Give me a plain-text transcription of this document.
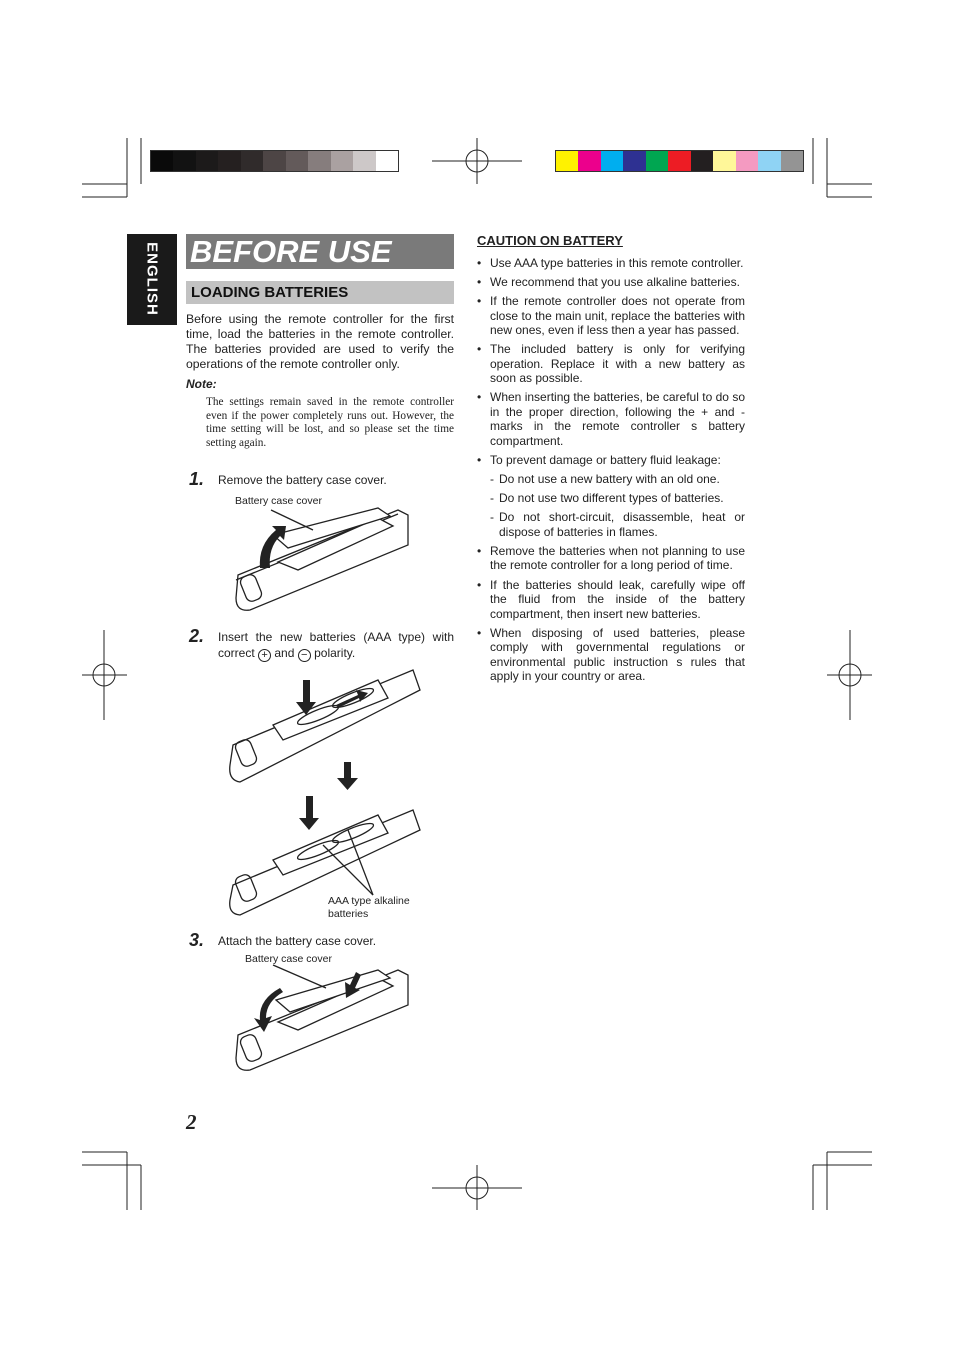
ENGLISH BEFORE USE
LOADING BATTERIES
Before using the remote controller for the first time, load the batteries in the remote controller. The batteries provided are used to verify the operations of the remote controller only.
Note:
The settings remain saved in the remote controller even if the power completely runs out. However, the time setting will be lost, and so please set the time setting again.
1. Remove the battery case cover.
Battery case cover
2. Insert the new batteries (AAA type) with correct + and − polarity.
AAA type alkaline batteries
3. Attach the battery case cover.
Battery case cover
CAUTION ON BATTERY
• Use AAA type batteries in this remote controller.
• We recommend that you use alkaline batteries.
• If the remote controller does not operate from close to the main unit, replace the batteries with new ones, even if less then a year has passed.
• The included battery is only for verifying operation. Replace it with a new battery as soon as possible.
• When inserting the batteries, be careful to do so in the proper direction, following the + and - marks in the remote controller s battery compartment.
• To prevent damage or battery fluid leakage:
- Do not use a new battery with an old one.
- Do not use two different types of batteries.
- Do not short-circuit, disassemble, heat or dispose of batteries in flames.
• Remove the batteries when not planning to use the remote controller for a long period of time.
• If the batteries should leak, carefully wipe off the fluid from the inside of the battery compartment, then insert new batteries.
• When disposing of used batteries, please comply with governmental regulations or environmental public instruction s rules that apply in your country or area.
2
